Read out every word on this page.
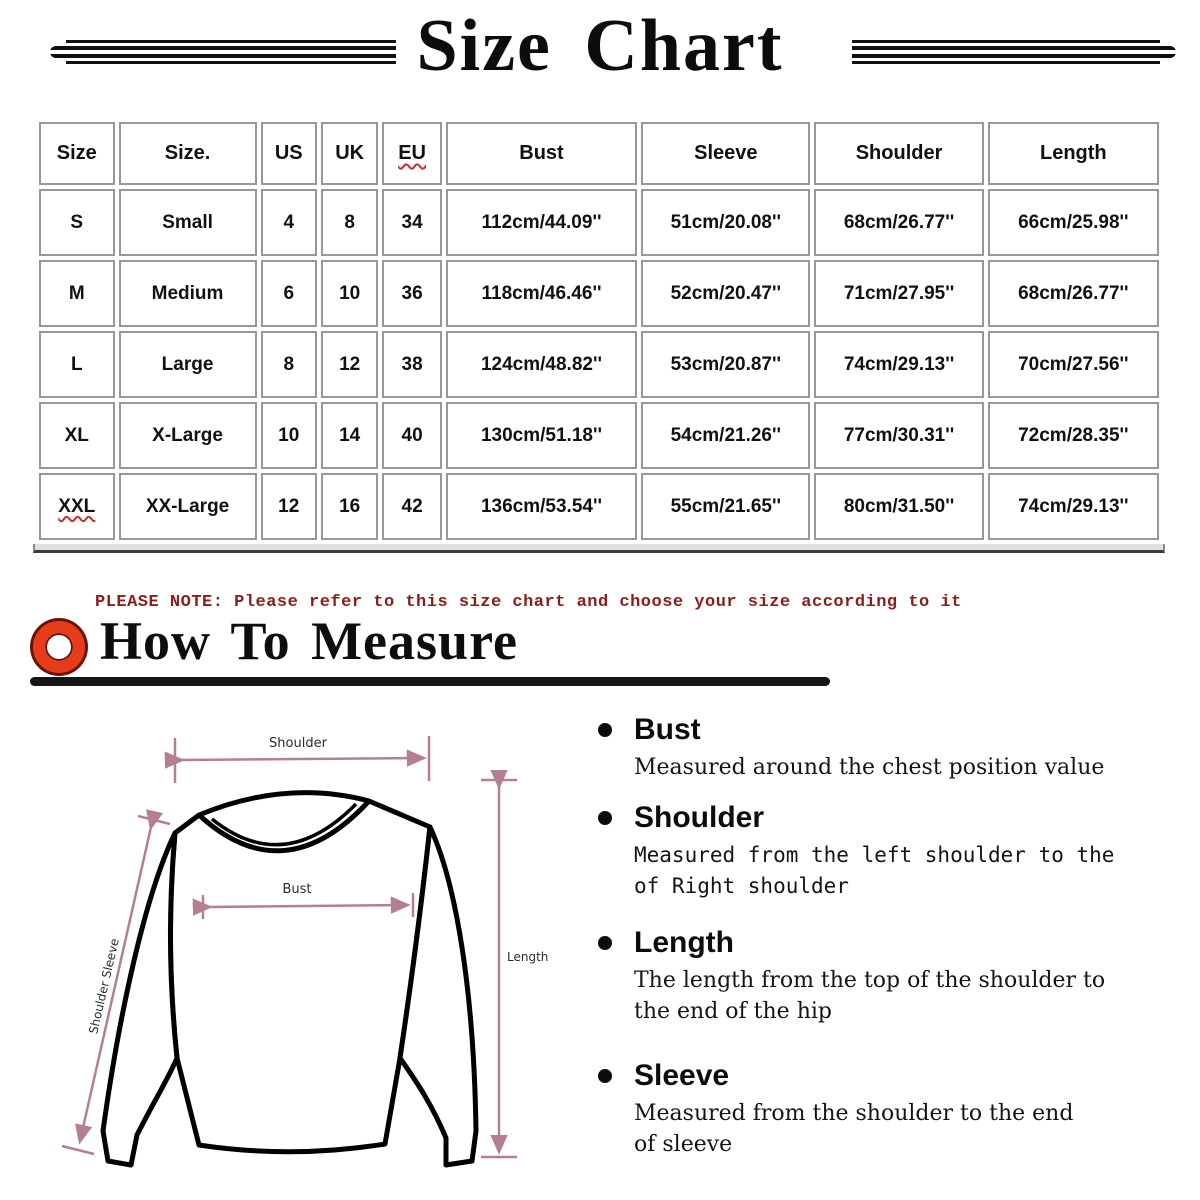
Size Chart
Size	Size.	US	UK	EU	Bust	Sleeve	Shoulder	Length
S	Small	4	8	34	112cm/44.09''	51cm/20.08''	68cm/26.77''	66cm/25.98''
M	Medium	6	10	36	118cm/46.46''	52cm/20.47''	71cm/27.95''	68cm/26.77''
L	Large	8	12	38	124cm/48.82''	53cm/20.87''	74cm/29.13''	70cm/27.56''
XL	X-Large	10	14	40	130cm/51.18''	54cm/21.26''	77cm/30.31''	72cm/28.35''
XXL	XX-Large	12	16	42	136cm/53.54''	55cm/21.65''	80cm/31.50''	74cm/29.13''
PLEASE NOTE: Please refer to this size chart and choose your size according to it
How To Measure
Shoulder
Bust
Shoulder Sleeve	Length
Bust
Measured around the chest position value
Shoulder
Measured from the left shoulder to the
of Right shoulder
Length
The length from the top of the shoulder to
the end of the hip
Sleeve
Measured from the shoulder to the end
of sleeve
